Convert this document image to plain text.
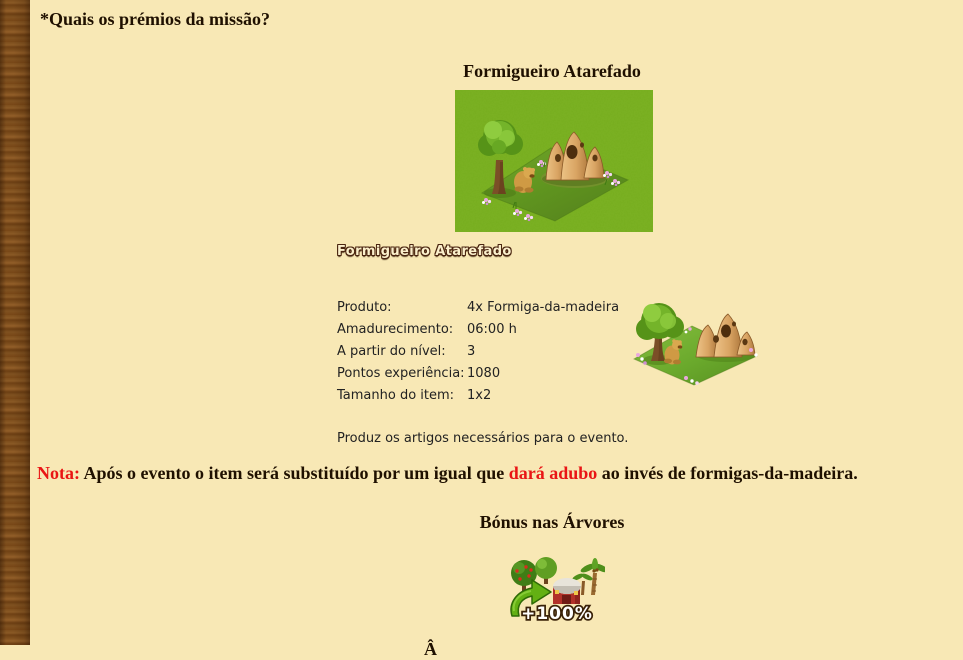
*Quais os prémios da missão?
Formigueiro Atarefado
Formigueiro Atarefado
Produto:	4x Formiga-da-madeira
Amadurecimento: 06:00 h
A partir do nível: 3
Pontos experiência: 1080
Tamanho do item: 1x2
Produz os artigos necessários para o evento.
Nota: Após o evento o item será substituído por um igual que dará adubo ao invés de formigas-da-madeira.
Bónus nas Árvores
+100%
Â
